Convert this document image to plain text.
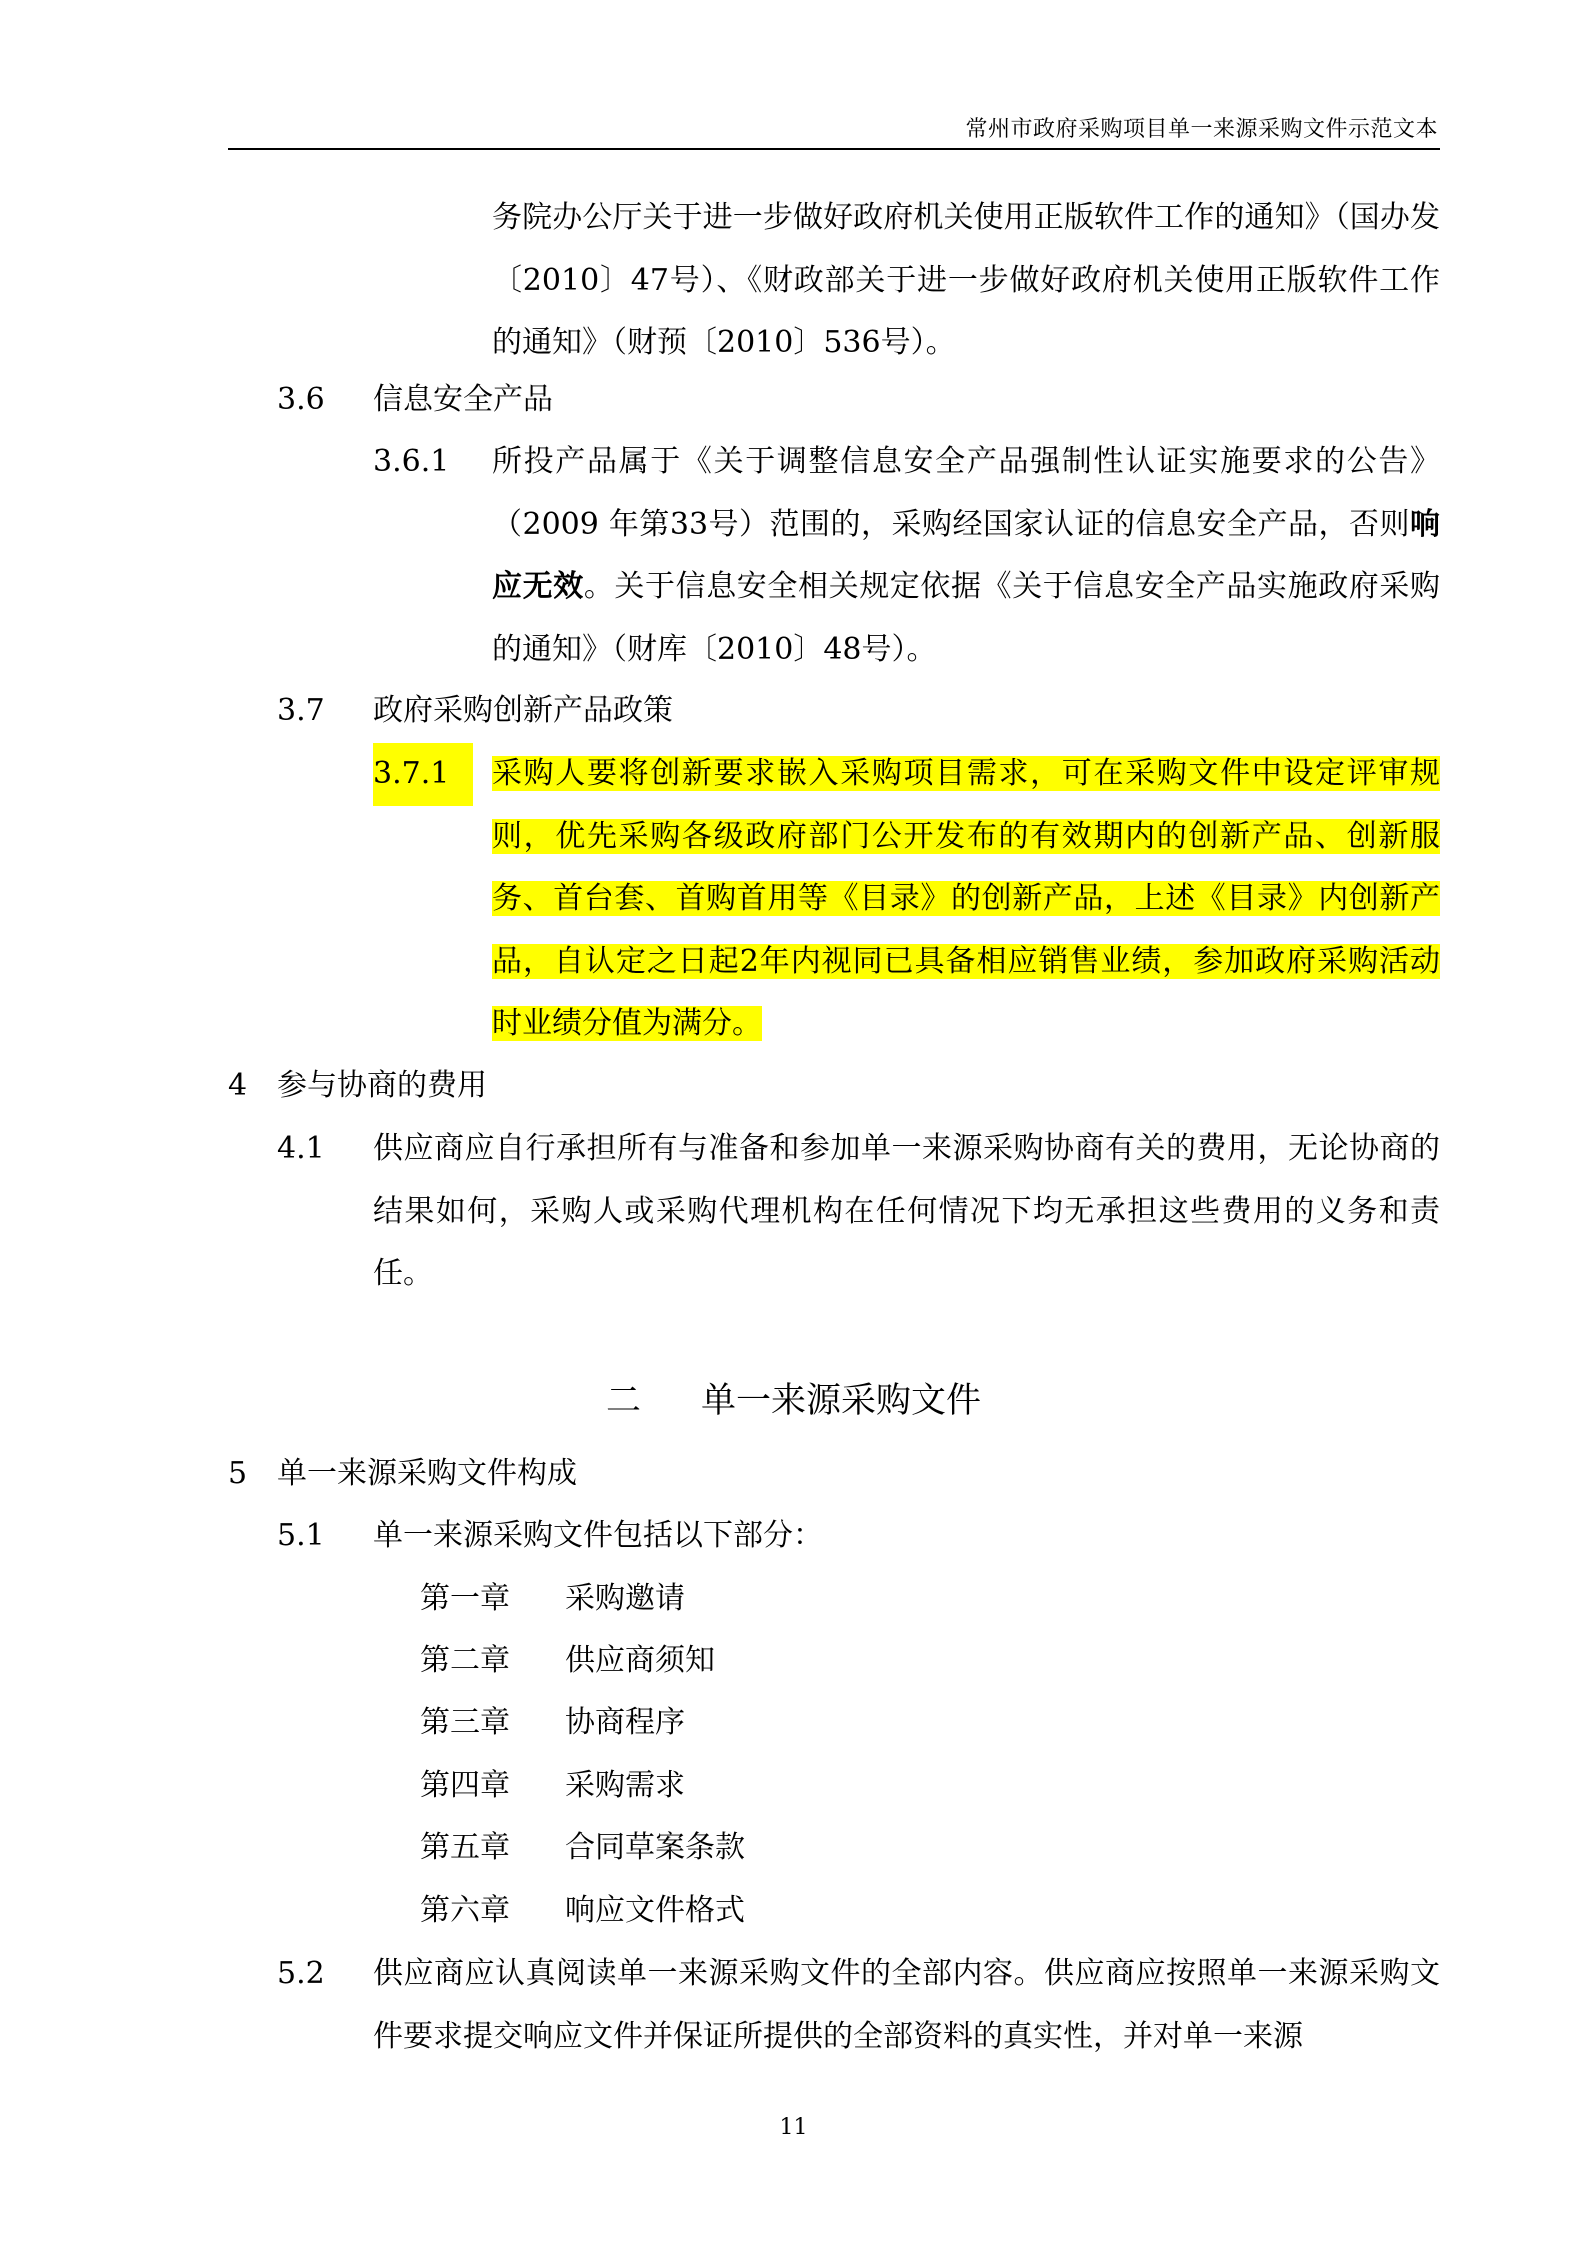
常州市政府采购项目单一来源采购文件示范文本

务院办公厅关于进一步做好政府机关使用正版软件工作的通知》（国办发〔2010〕47号）、《财政部关于进一步做好政府机关使用正版软件工作的通知》（财预〔2010〕536号）。

3.6 信息安全产品
3.6.1 所投产品属于《关于调整信息安全产品强制性认证实施要求的公告》（2009 年第33号）范围的，采购经国家认证的信息安全产品，否则响应无效。关于信息安全相关规定依据《关于信息安全产品实施政府采购的通知》（财库〔2010〕48号）。

3.7 政府采购创新产品政策
3.7.1	采购人要将创新要求嵌入采购项目需求，可在采购文件中设定评审规则，优先采购各级政府部门公开发布的有效期内的创新产品、创新服务、首台套、首购首用等《目录》的创新产品，上述《目录》内创新产品，自认定之日起2年内视同已具备相应销售业绩，参加政府采购活动时业绩分值为满分。

4 参与协商的费用
4.1 供应商应自行承担所有与准备和参加单一来源采购协商有关的费用，无论协商的结果如何，采购人或采购代理机构在任何情况下均无承担这些费用的义务和责任。

二 单一来源采购文件

5 单一来源采购文件构成
5.1 单一来源采购文件包括以下部分：
第一章 采购邀请
第二章 供应商须知
第三章 协商程序
第四章 采购需求
第五章 合同草案条款
第六章 响应文件格式
5.2 供应商应认真阅读单一来源采购文件的全部内容。供应商应按照单一来源采购文件要求提交响应文件并保证所提供的全部资料的真实性，并对单一来源

11
